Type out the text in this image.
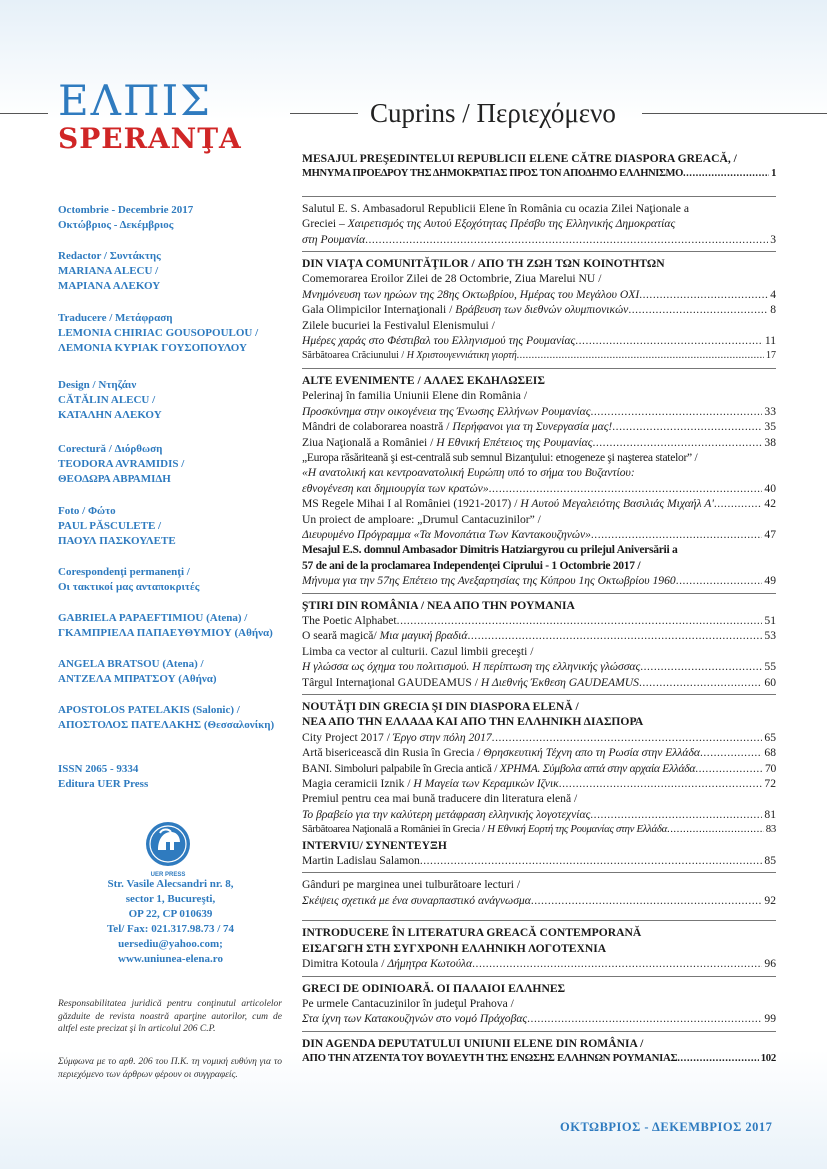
ΕΛΠΙΣ
SPERANŢA
Cuprins / Περιεχόμενο
Octombrie - Decembrie 2017
Οκτώβριος - Δεκέμβριος
Redactor / Συντάκτης
MARIANA ALECU /
ΜΑΡΙΑΝΑ ΑΛΕΚΟΥ
Traducere / Μετάφραση
LEMONIA CHIRIAC GOUSOPOULOU /
ΛΕΜΟΝΙΑ ΚΥΡΙΑΚ ΓΟΥΣΟΠΟΥΛΟΥ
Design / Ντηζάιν
CĂTĂLIN ALECU /
ΚΑΤΑΛΗΝ ΑΛΕΚΟΥ
Corectură / Διόρθωση
TEODORA AVRAMIDIS /
ΘΕΟΔΩΡΑ ΑΒΡΑΜΙΔΗ
Foto / Φώτο
PAUL PĂSCULETE /
ΠΑΟΥΛ ΠΑΣΚΟΥΛΕΤΕ
Corespondenţi permanenţi /
Οι τακτικοί μας ανταποκριτές
GABRIELA PAPAEFTIMIOU (Atena) /
ΓΚΑΜΠΡΙΕΛΑ ΠΑΠΑΕΥΘΥΜΙΟΥ (Αθήνα)
ANGELA BRATSOU (Atena) /
ΑΝΤΖΕΛΑ ΜΠΡΑΤΣΟΥ (Αθήνα)
APOSTOLOS PATELAKIS (Salonic) /
ΑΠΟΣΤΟΛΟΣ ΠΑΤΕΛΑΚΗΣ (Θεσσαλονίκη)
ISSN 2065 - 9334
Editura UER Press
UER PRESS
Str. Vasile Alecsandri nr. 8,
sector 1, Bucureşti,
OP 22, CP 010639
Tel/ Fax: 021.317.98.73 / 74
uersediu@yahoo.com;
www.uniunea-elena.ro
Responsabilitatea juridică pentru conţinutul articolelor găzduite de revista noastră aparţine autorilor, cum de altfel este precizat şi în articolul 206 C.P.
Σύμφωνα με το αρθ. 206 του Π.Κ. τη νομική ευθύνη για το περιεχόμενο των άρθρων φέρουν οι συγγραφείς.
MESAJUL PREŞEDINTELUI REPUBLICII ELENE CĂTRE DIASPORA GREACĂ, /
ΜΗΝΥΜΑ ΠΡΟΕΔΡΟΥ ΤΗΣ ΔΗΜΟΚΡΑΤΙΑΣ ΠΡΟΣ ΤΟΝ ΑΠΟΔΗΜΟ ΕΛΛΗΝΙΣΜΟ .....	1
Salutul E. S. Ambasadorul Republicii Elene în România cu ocazia Zilei Naţionale a
Greciei – Χαιρετισμός της Αυτού Εξοχότητας Πρέσβυ της Ελληνικής Δημοκρατίας
στη Ρουμανία .....	3
DIN VIAŢA COMUNITĂŢILOR / ΑΠΟ ΤΗ ΖΩΗ ΤΩΝ ΚΟΙΝΟΤΗΤΩΝ
Comemorarea Eroilor Zilei de 28 Octombrie, Ziua Marelui NU /
Μνημόνευση των ηρώων της 28ης Οκτωβρίου, Ημέρας του Μεγάλου ΟΧΙ .....	4
Gala Olimpicilor Internaţionali / Βράβευση των διεθνών ολυμπιονικών .....	8
Zilele bucuriei la Festivalul Elenismului /
Ημέρες χαράς στο Φέστιβαλ του Ελληνισμού της Ρουμανίας .....	11
Sărbătoarea Crăciunului / Η Χριστουγεννιάτικη γιορτή .....	17
ALTE EVENIMENTE / ΑΛΛΕΣ ΕΚΔΗΛΩΣΕΙΣ
Pelerinaj în familia Uniunii Elene din România /
Προσκύνημα στην οικογένεια της Ένωσης Ελλήνων Ρουμανίας .....	33
Mândri de colaborarea noastră / Περήφανοι για τη Συνεργασία μας! .....	35
Ziua Naţională a României / Η Εθνική Επέτειος της Ρουμανίας .....	38
„Europa răsăriteană şi est-centrală sub semnul Bizanţului: etnogeneze şi naşterea statelor” /
«Η ανατολική και κεντροανατολική Ευρώπη υπό το σήμα του Βυζαντίου:
εθνογένεση και δημιουργία των κρατών» .....	40
MS Regele Mihai I al României (1921-2017) / Η Αυτού Μεγαλειότης Βασιλιάς Μιχαήλ Α' .....	42
Un proiect de amploare: „Drumul Cantacuzinilor” /
Διευρυμένο Πρόγραμμα «Τα Μονοπάτια Των Καντακουζηνών» .....	47
Mesajul E.S. domnul Ambasador Dimitris Hatziargyrou cu prilejul Aniversării a
57 de ani de la proclamarea Independenţei Ciprului - 1 Octombrie 2017 /
Μήνυμα για την 57ης Επέτειο της Ανεξαρτησίας της Κύπρου 1ης Οκτωβρίου 1960 .....	49
ŞTIRI DIN ROMÂNIA / ΝΕΑ ΑΠΟ ΤΗΝ ΡΟΥΜΑΝΙΑ
The Poetic Alphabet .....	51
O seară magică/ Μια μαγική βραδιά .....	53
Limba ca vector al culturii. Cazul limbii greceşti /
Η γλώσσα ως όχημα του πολιτισμού. Η περίπτωση της ελληνικής γλώσσας .....	55
Târgul Internaţional GAUDEAMUS / Η Διεθνής Έκθεση GAUDEAMUS .....	60
NOUTĂŢI DIN GRECIA ŞI DIN DIASPORA ELENĂ /
ΝΕΑ ΑΠΟ ΤΗΝ ΕΛΛΑΔΑ ΚΑΙ ΑΠΟ ΤΗΝ ΕΛΛΗΝΙΚΗ ΔΙΑΣΠΟΡΑ
City Project 2017 / Έργο στην πόλη 2017 .....	65
Artă bisericească din Rusia în Grecia / Θρησκευτική Τέχνη απο τη Ρωσία στην Ελλάδα .....	68
BANI. Simboluri palpabile în Grecia antică / ΧΡΗΜΑ. Σύμβολα απτά στην αρχαία Ελλάδα .....	70
Magia ceramicii Iznik / Η Μαγεία των Κεραμικών Ιζνικ .....	72
Premiul pentru cea mai bună traducere din literatura elenă /
Το βραβείο για την καλύτερη μετάφραση ελληνικής λογοτεχνίας .....	81
Sărbătoarea Naţională a României în Grecia / Η Εθνική Εορτή της Ρουμανίας στην Ελλάδα .....	83
INTERVIU/ ΣΥΝΕΝΤΕΥΞΗ
Martin Ladislau Salamon .....	85
Gânduri pe marginea unei tulburătoare lecturi /
Σκέψεις σχετικά με ένα συναρπαστικό ανάγνωσμα .....	92
INTRODUCERE ÎN LITERATURA GREACĂ CONTEMPORANĂ
ΕΙΣΑΓΩΓΗ ΣΤΗ ΣΥΓΧΡΟΝΗ ΕΛΛΗΝΙΚΗ ΛΟΓΟΤΕΧΝΙΑ
Dimitra Kotoula / Δήμητρα Κωτούλα .....	96
GRECI DE ODINIOARĂ. ΟΙ ΠΑΛΑΙΟΙ ΕΛΛΗΝΕΣ
Pe urmele Cantacuzinilor în judeţul Prahova /
Στα ίχνη των Κατακουζηνών στο νομό Πράχοβας .....	99
DIN AGENDA DEPUTATULUI UNIUNII ELENE DIN ROMÂNIA /
ΑΠΟ ΤΗΝ ΑΤΖΕΝΤΑ ΤΟΥ ΒΟΥΛΕΥΤΗ ΤΗΣ ΕΝΩΣΗΣ ΕΛΛΗΝΩΝ ΡΟΥΜΑΝΙΑΣ .....	102
ΟΚΤΩΒΡΙΟΣ - ΔΕΚΕΜΒΡΙΟΣ 2017
